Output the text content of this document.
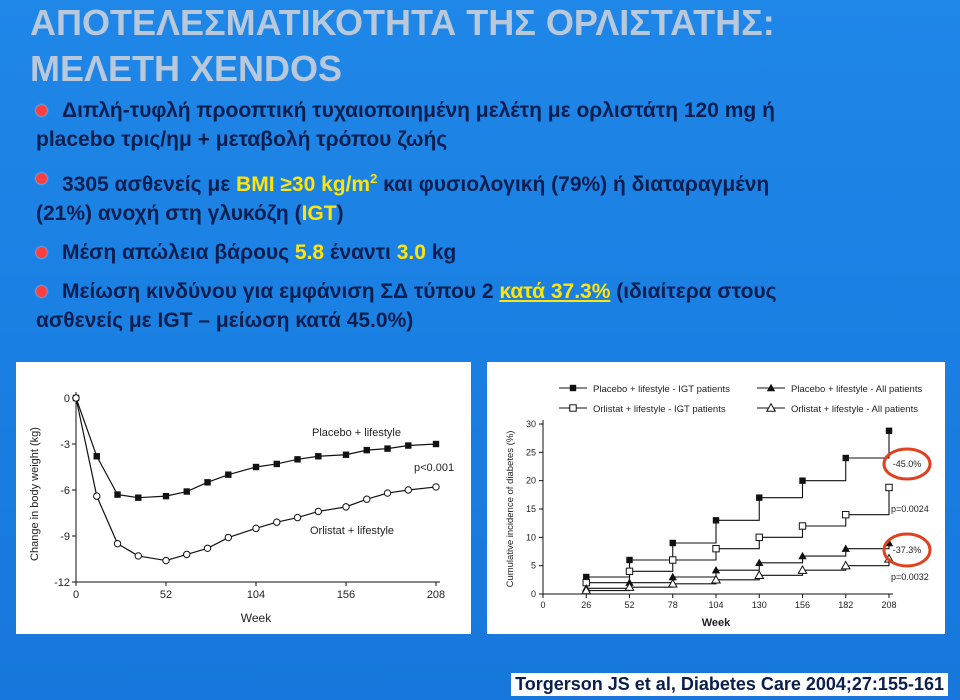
ΑΠΟΤΕΛΕΣΜΑΤΙΚΟΤΗΤΑ ΤΗΣ ΟΡΛΙΣΤΑΤΗΣ:
ΜΕΛΕΤΗ XENDOS
Διπλή-τυφλή προοπτική τυχαιοποιημένη μελέτη με ορλιστάτη 120 mg ή
placebo τρις/ημ + μεταβολή τρόπου ζωής
3305 ασθενείς με BMI ≥30 $kg/m^2$ και φυσιολογική (79%) ή διαταραγμένη
(21%) ανοχή στη γλυκόζη (IGT)
Μέση απώλεια βάρους 5.8 έναντι 3.0 kg
Μείωση κινδύνου για εμφάνιση ΣΔ τύπου 2 κατά 37.3% (ιδιαίτερα στους
ασθενείς με IGT – μείωση κατά 45.0%)
0
-3
-6
-9
-12
0	52	104	156	208
Week
Change in body weight (kg)	Placebo + lifestyle
Orlistat + lifestyle
p<0.001
Placebo + lifestyle - IGT patients	Placebo + lifestyle - All patients
Orlistat + lifestyle - IGT patients	Orlistat + lifestyle - All patients
0
5
10
15
20
25
30
0	26	52	78	104	130	156	182	208
Week
Cumulative incidence of diabetes (%)	-45.0%
p=0.0024
-37.3%
p=0.0032
Torgerson JS et al, Diabetes Care 2004;27:155-161
